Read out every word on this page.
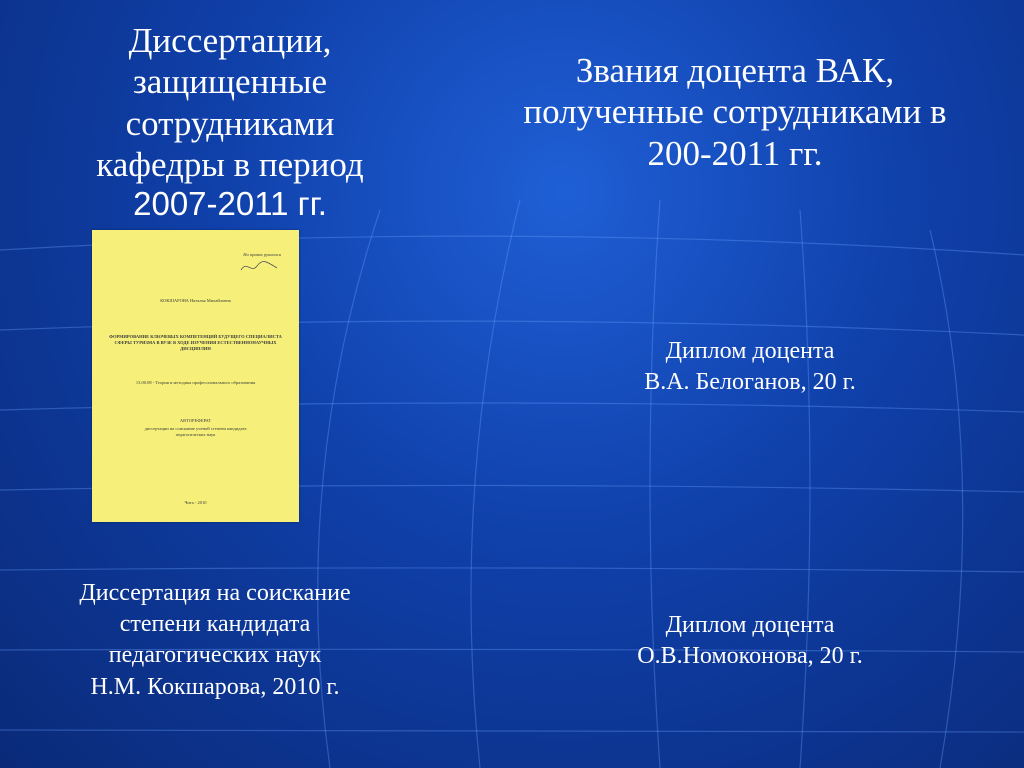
Диссертации,
защищенные
сотрудниками
кафедры в период
2007-2011 гг.
Звания доцента ВАК,
полученные сотрудниками в
200-2011 гг.
На правах рукописи
КОКШАРОВА Наталья Михайловна
ФОРМИРОВАНИЕ КЛЮЧЕВЫХ КОМПЕТЕНЦИЙ БУДУЩЕГО СПЕЦИАЛИСТА СФЕРЫ ТУРИЗМА В ВУЗЕ В ХОДЕ ИЗУЧЕНИЯ ЕСТЕСТВЕННОНАУЧНЫХ ДИСЦИПЛИН
13.00.08 - Теория и методика профессионального образования
АВТОРЕФЕРАТ
диссертации на соискание ученой степени кандидата педагогических наук
Чита - 2010
Диплом доцента
В.А. Белоганов, 20 г.
Диссертация на соискание
степени кандидата
педагогических наук
Н.М. Кокшарова, 2010 г.
Диплом доцента
О.В.Номоконова, 20 г.
